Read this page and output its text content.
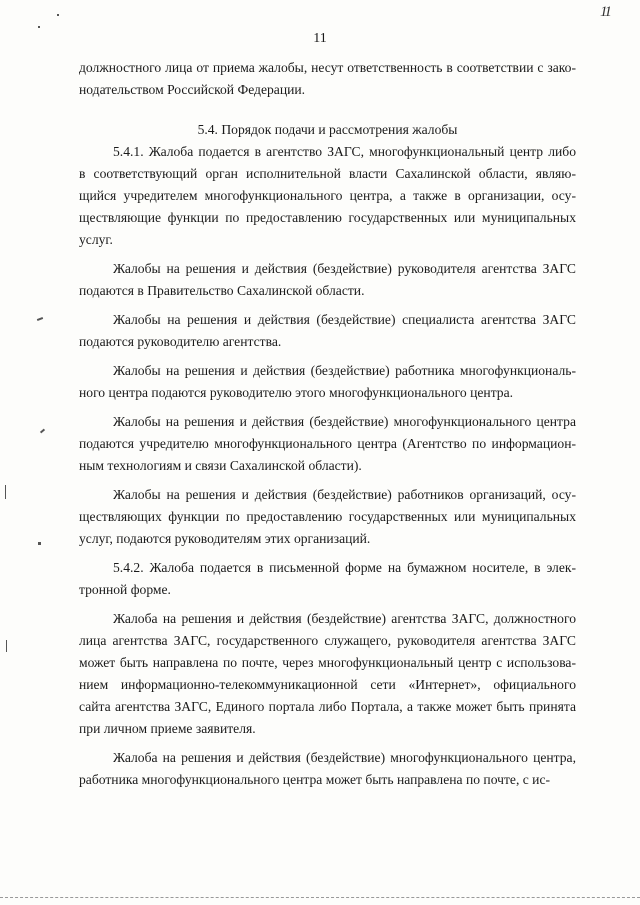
11
11
должностного лица от приема жалобы, несут ответственность в соответствии с зако-
нодательством Российской Федерации.
5.4. Порядок подачи и рассмотрения жалобы
5.4.1. Жалоба подается в агентство ЗАГС, многофункциональный центр либо
в соответствующий орган исполнительной власти Сахалинской области, являю-
щийся учредителем многофункционального центра, а также в организации, осу-
ществляющие функции по предоставлению государственных или муниципальных
услуг.
Жалобы на решения и действия (бездействие) руководителя агентства ЗАГС
подаются в Правительство Сахалинской области.
Жалобы на решения и действия (бездействие) специалиста агентства ЗАГС
подаются руководителю агентства.
Жалобы на решения и действия (бездействие) работника многофункциональ-
ного центра подаются руководителю этого многофункционального центра.
Жалобы на решения и действия (бездействие) многофункционального центра
подаются учредителю многофункционального центра (Агентство по информацион-
ным технологиям и связи Сахалинской области).
Жалобы на решения и действия (бездействие) работников организаций, осу-
ществляющих функции по предоставлению государственных или муниципальных
услуг, подаются руководителям этих организаций.
5.4.2. Жалоба подается в письменной форме на бумажном носителе, в элек-
тронной форме.
Жалоба на решения и действия (бездействие) агентства ЗАГС, должностного
лица агентства ЗАГС, государственного служащего, руководителя агентства ЗАГС
может быть направлена по почте, через многофункциональный центр с использова-
нием информационно-телекоммуникационной сети «Интернет», официального
сайта агентства ЗАГС, Единого портала либо Портала, а также может быть принята
при личном приеме заявителя.
Жалоба на решения и действия (бездействие) многофункционального центра,
работника многофункционального центра может быть направлена по почте, с ис-
